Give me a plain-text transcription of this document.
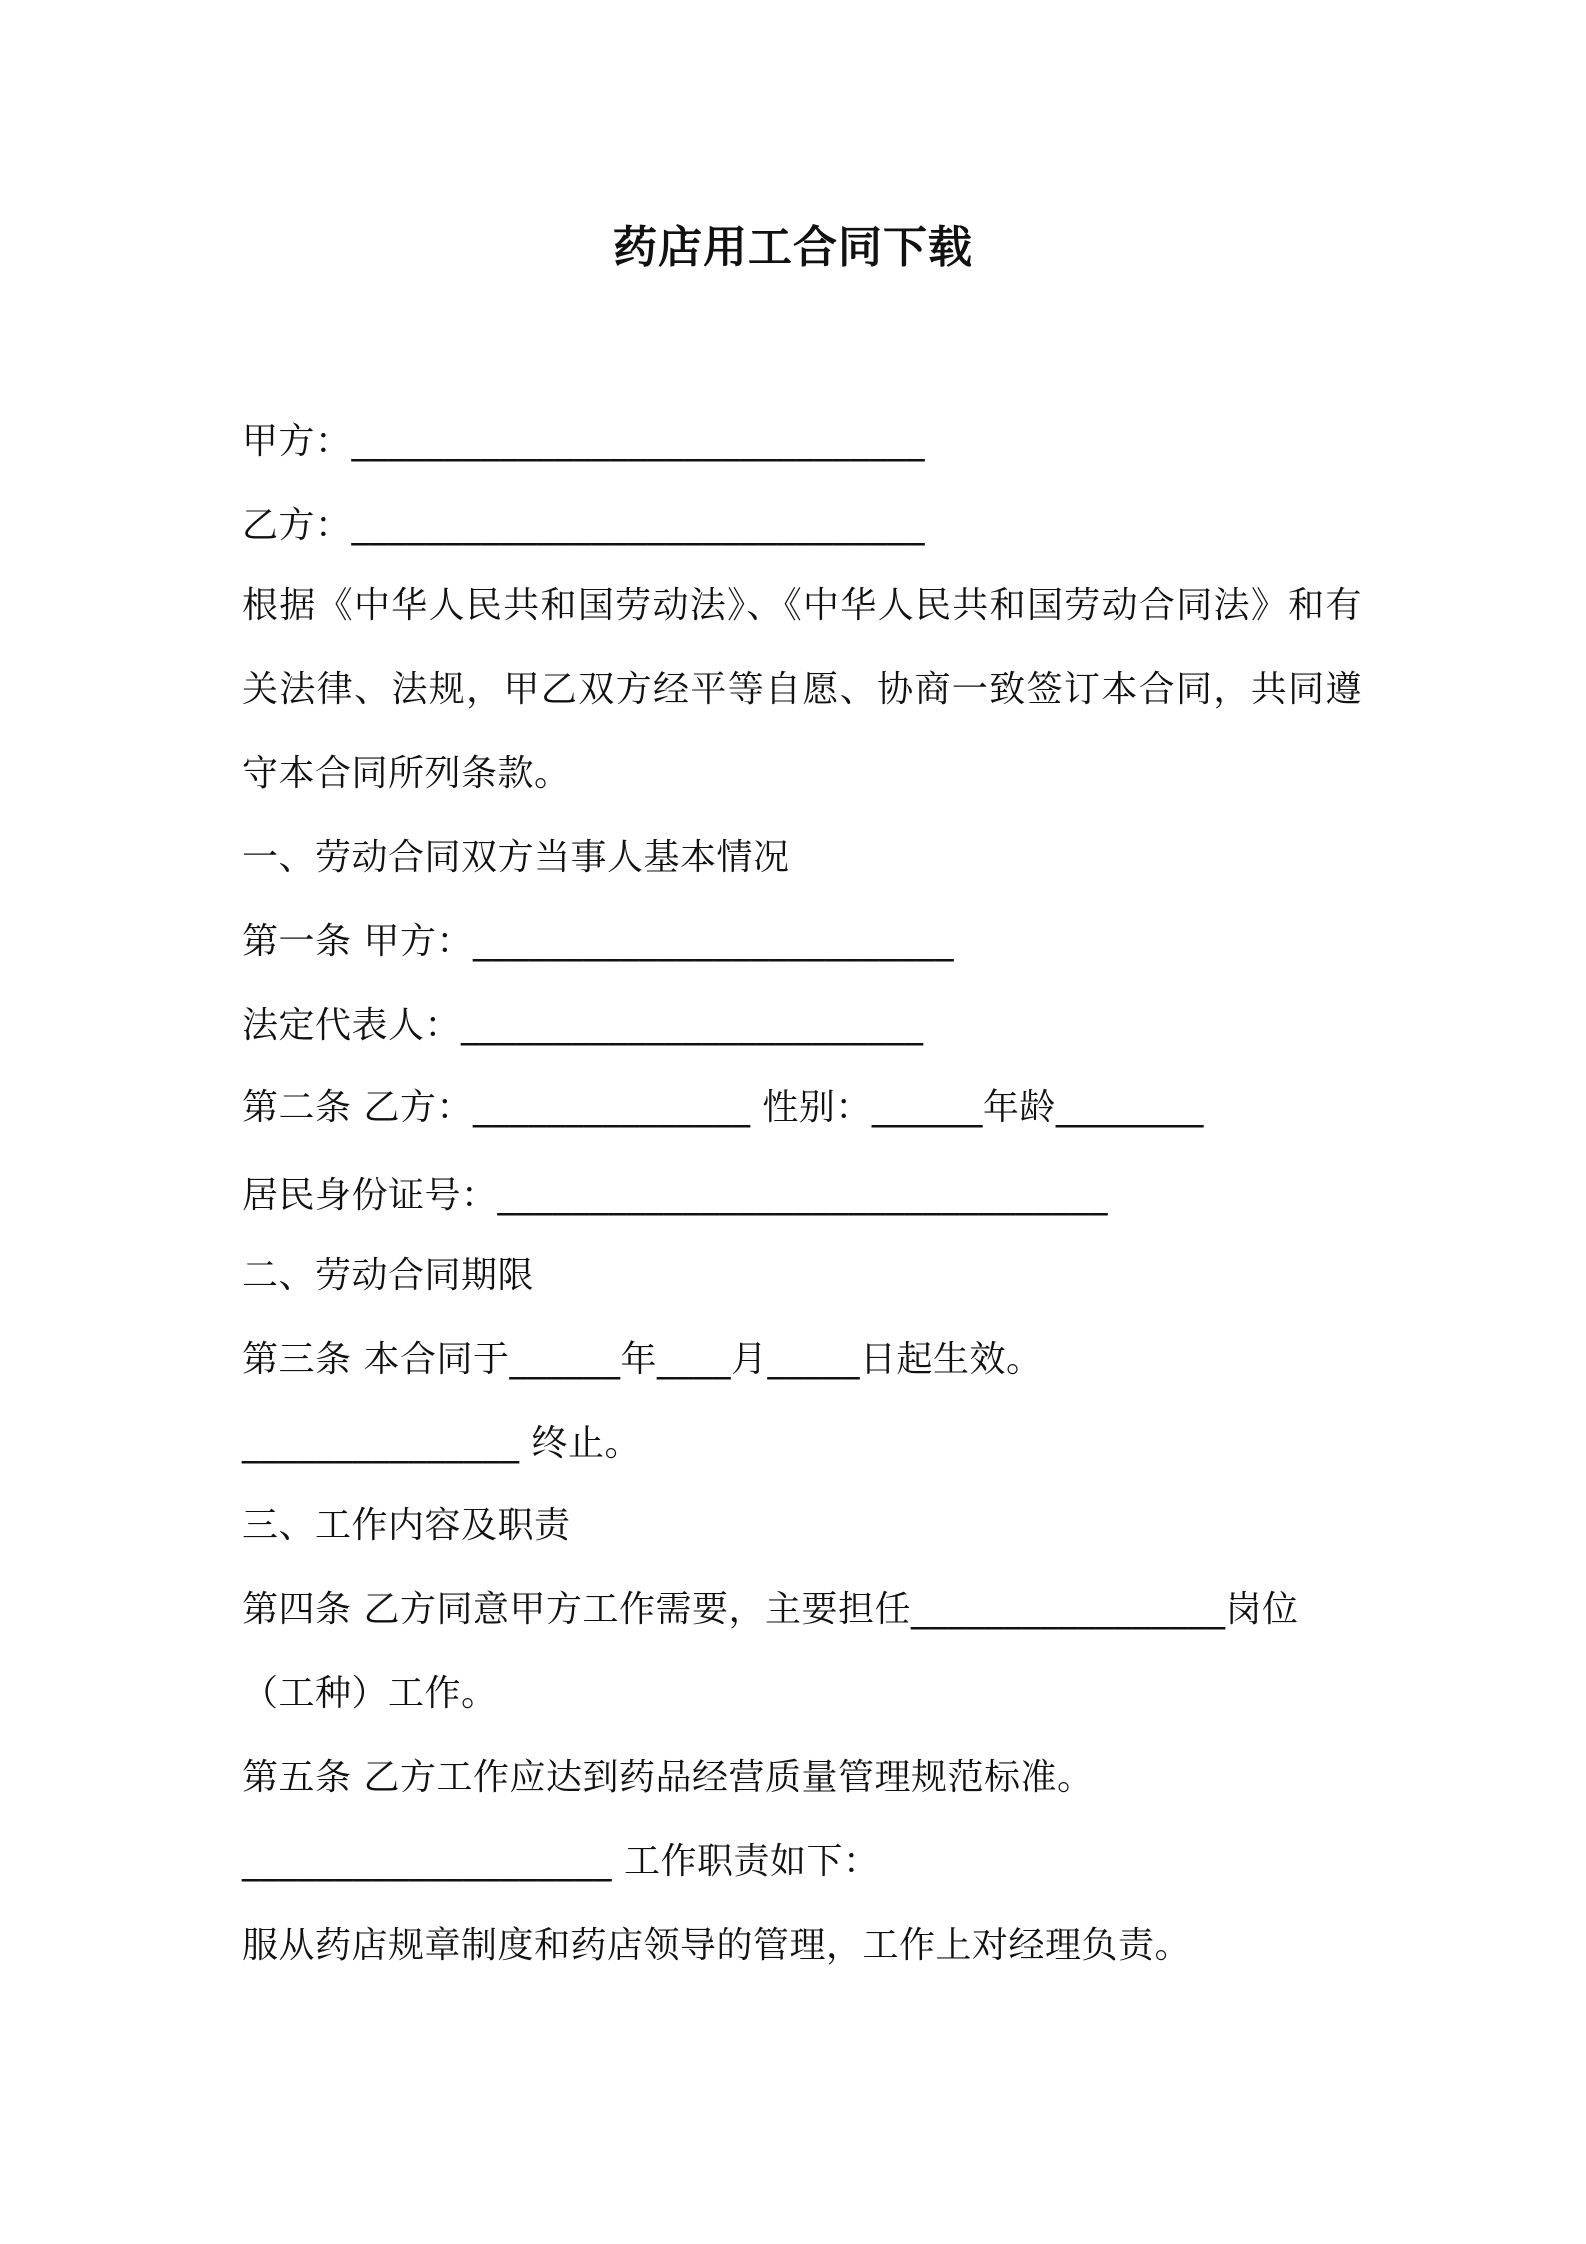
药店用工合同下载
甲方：_______________________________
乙方：_______________________________
根据《中华人民共和国劳动法》、《中华人民共和国劳动合同法》和有关法律、法规，甲乙双方经平等自愿、协商一致签订本合同，共同遵守本合同所列条款。
一、劳动合同双方当事人基本情况
第一条 甲方：__________________________
法定代表人：_________________________
第二条 乙方：_______________ 性别：______年龄________
居民身份证号：_________________________________
二、劳动合同期限
第三条 本合同于______年____月_____日起生效。
_______________ 终止。
三、工作内容及职责
第四条 乙方同意甲方工作需要，主要担任_________________岗位
（工种）工作。
第五条 乙方工作应达到药品经营质量管理规范标准。
____________________ 工作职责如下：
服从药店规章制度和药店领导的管理，工作上对经理负责。
